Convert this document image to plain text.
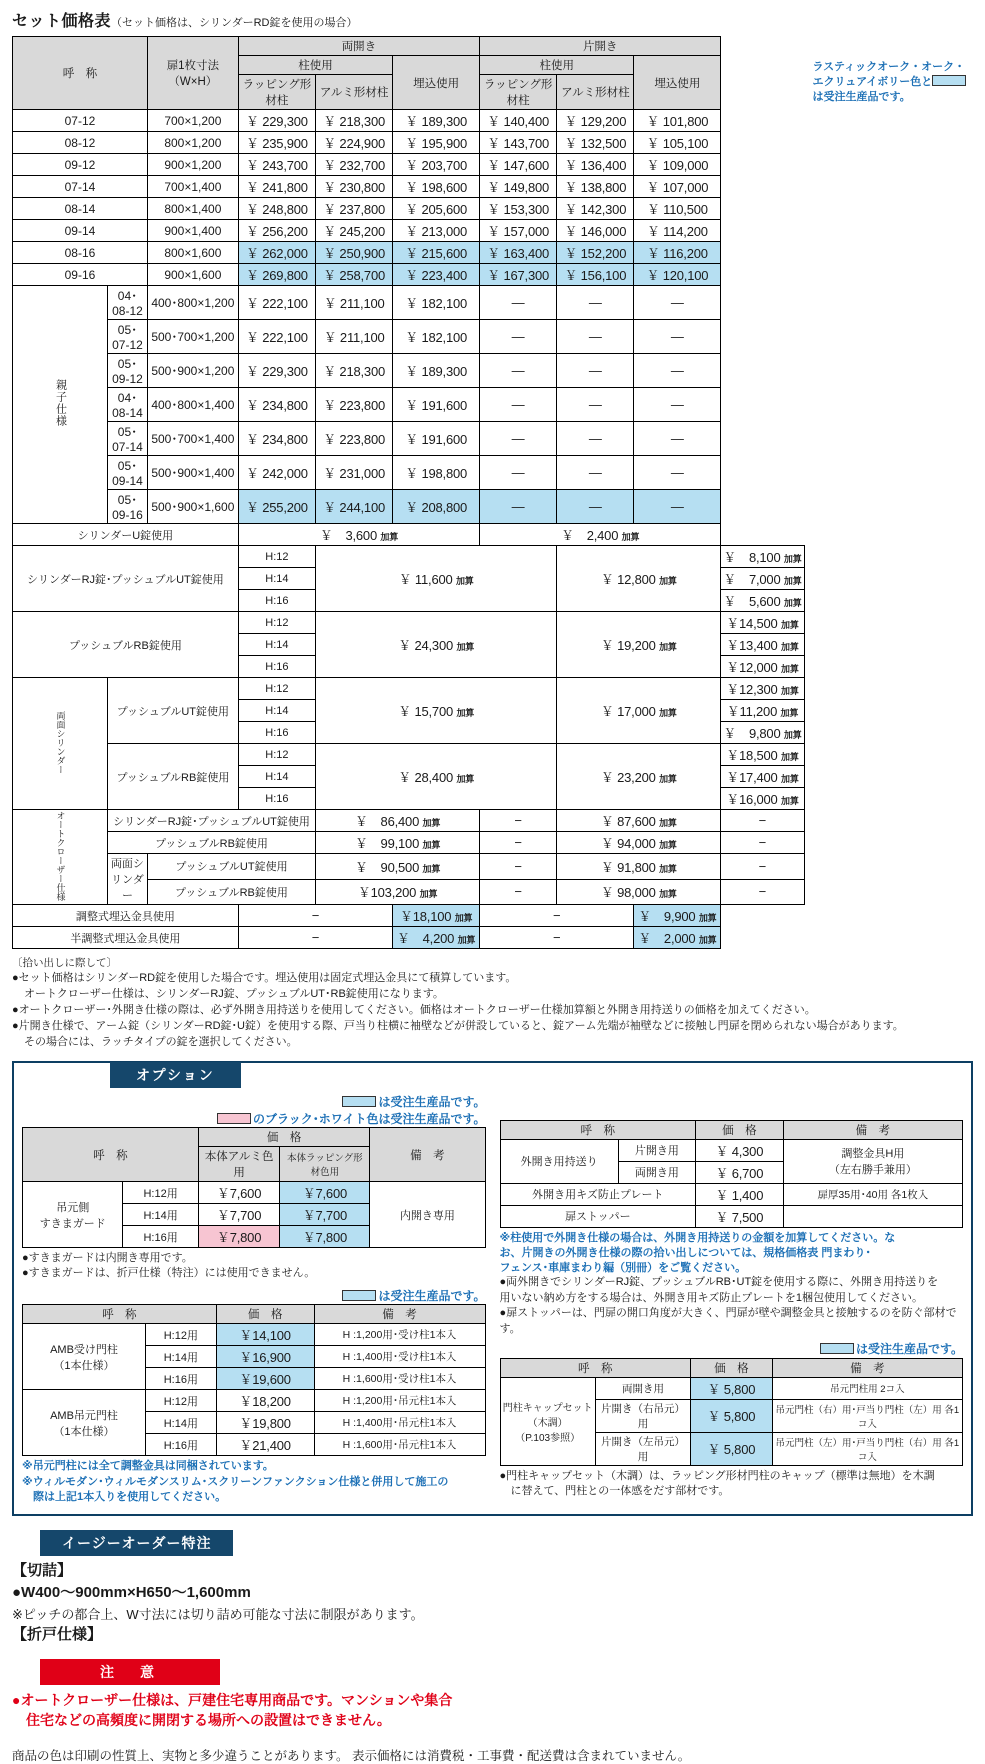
セット価格表（セット価格は、シリンダーRD錠を使用の場合）
呼　称		扉1枚寸法
（W×H）	両開き			片開き			
			柱使用		埋込使用	柱使用		埋込使用	
			ラッピング形材柱	アルミ形材柱		ラッピング形材柱	アルミ形材柱		
07-12		700×1,200	￥ 229,300	￥ 218,300	￥ 189,300	￥ 140,400	￥ 129,200	￥ 101,800	
08-12		800×1,200	￥ 235,900	￥ 224,900	￥ 195,900	￥ 143,700	￥ 132,500	￥ 105,100	
09-12		900×1,200	￥ 243,700	￥ 232,700	￥ 203,700	￥ 147,600	￥ 136,400	￥ 109,000	
07-14		700×1,400	￥ 241,800	￥ 230,800	￥ 198,600	￥ 149,800	￥ 138,800	￥ 107,000	
08-14		800×1,400	￥ 248,800	￥ 237,800	￥ 205,600	￥ 153,300	￥ 142,300	￥ 110,500	
09-14		900×1,400	￥ 256,200	￥ 245,200	￥ 213,000	￥ 157,000	￥ 146,000	￥ 114,200	
08-16		800×1,600	￥ 262,000	￥ 250,900	￥ 215,600	￥ 163,400	￥ 152,200	￥ 116,200	
09-16		900×1,600	￥ 269,800	￥ 258,700	￥ 223,400	￥ 167,300	￥ 156,100	￥ 120,100	
親子仕様	04･08-12	400･800×1,200	￥ 222,100	￥ 211,100	￥ 182,100	—	—	—	
	05･07-12	500･700×1,200	￥ 222,100	￥ 211,100	￥ 182,100	—	—	—	
	05･09-12	500･900×1,200	￥ 229,300	￥ 218,300	￥ 189,300	—	—	—	
	04･08-14	400･800×1,400	￥ 234,800	￥ 223,800	￥ 191,600	—	—	—	
	05･07-14	500･700×1,400	￥ 234,800	￥ 223,800	￥ 191,600	—	—	—	
	05･09-14	500･900×1,400	￥ 242,000	￥ 231,000	￥ 198,800	—	—	—	
	05･09-16	500･900×1,600	￥ 255,200	￥ 244,100	￥ 208,800	—	—	—	
シリンダーU錠使用			￥　3,600 加算			￥　2,400 加算			
シリンダーRJ錠･プッシュブルUT錠使用			H:12	￥ 11,600 加算			￥ 12,800 加算		￥　8,100 加算
			H:14						￥　7,000 加算
			H:16						￥　5,600 加算
プッシュブルRB錠使用			H:12	￥ 24,300 加算			￥ 19,200 加算		￥14,500 加算
			H:14						￥13,400 加算
			H:16						￥12,000 加算
両面シリンダー	プッシュブルUT錠使用		H:12	￥ 15,700 加算			￥ 17,000 加算		￥12,300 加算
			H:14						￥11,200 加算
			H:16						￥　9,800 加算
	プッシュブルRB錠使用		H:12	￥ 28,400 加算			￥ 23,200 加算		￥18,500 加算
			H:14						￥17,400 加算
			H:16						￥16,000 加算
オートクローザー仕様	シリンダーRJ錠･プッシュブルUT錠使用			￥　86,400 加算		−	￥ 87,600 加算		−
	プッシュブルRB錠使用			￥　99,100 加算		−	￥ 94,000 加算		−
	両面シリンダー	プッシュブルUT錠使用		￥　90,500 加算		−	￥ 91,800 加算		−
		プッシュブルRB錠使用		￥103,200 加算		−	￥ 98,000 加算		−
調整式埋込金具使用			−		￥18,100 加算	−		￥　9,900 加算	
半調整式埋込金具使用			−		￥　4,200 加算	−		￥　2,000 加算	
ラスティックオーク・オーク・エクリュアイボリー色とは受注生産品です。

〔拾い出しに際して〕

●セット価格はシリンダーRD錠を使用した場合です。埋込使用は固定式埋込金具にて積算しています。

オートクローザー仕様は、シリンダーRJ錠、プッシュブルUT･RB錠使用になります。

●オートクローザー･外開き仕様の際は、必ず外開き用持送りを使用してください。価格はオートクローザー仕様加算額と外開き用持送りの価格を加えてください。

●片開き仕様で、アーム錠（シリンダーRD錠･U錠）を使用する際、戸当り柱横に袖壁などが併設していると、錠アーム先端が袖壁などに接触し門扉を閉められない場合があります。

その場合には、ラッチタイプの錠を選択してください。

オプション
は受注生産品です。
のブラック･ホワイト色は受注生産品です。
呼　称		価　格		備　考
		本体アルミ色用	本体ラッピング形材色用	
吊元側
すきまガード	H:12用	￥7,600	￥7,600	内開き専用
	H:14用	￥7,700	￥7,700	
	H:16用	￥7,800	￥7,800	

●すきまガードは内開き専用です。

●すきまガードは、折戸仕様（特注）には使用できません。

は受注生産品です。
呼　称		価　格	備　考
AMB受け門柱
（1本仕様）	H:12用	￥14,100	H :1,200用･受け柱1本入
	H:14用	￥16,900	H :1,400用･受け柱1本入
	H:16用	￥19,600	H :1,600用･受け柱1本入
AMB吊元門柱
（1本仕様）	H:12用	￥18,200	H :1,200用･吊元柱1本入
	H:14用	￥19,800	H :1,400用･吊元柱1本入
	H:16用	￥21,400	H :1,600用･吊元柱1本入

※吊元門柱には全て調整金具は同梱されています。

※ウィルモダン･ウィルモダンスリム･スクリーンファンクション仕様と併用して施工の

　際は上記1本入りを使用してください。

呼　称		価　格	備　考
外開き用持送り	片開き用	￥ 4,300	調整金具H用
（左右勝手兼用）
	両開き用	￥ 6,700	
外開き用キズ防止プレート		￥ 1,400	扉厚35用･40用 各1枚入
扉ストッパー		￥ 7,500	

※柱使用で外開き仕様の場合は、外開き用持送りの金額を加算してください。な

お、片開きの外開き仕様の際の拾い出しについては、規格価格表 門まわり･

フェンス･車庫まわり編（別冊）をご覧ください。

●両外開きでシリンダーRJ錠、プッシュブルRB･UT錠を使用する際に、外開き用持送りを

用いない納め方をする場合は、外開き用キズ防止プレートを1梱包使用してください。

●扉ストッパーは、門扉の開口角度が大きく、門扉が壁や調整金具と接触するのを防ぐ部材です。

は受注生産品です。
呼　称		価　格	備　考
門柱キャップセット
（木調）
（P.103参照）	両開き用	￥ 5,800	吊元門柱用 2コ入
	片開き（右吊元）用	￥ 5,800	吊元門柱（右）用･戸当り門柱（左）用 各1コ入
	片開き（左吊元）用	￥ 5,800	吊元門柱（左）用･戸当り門柱（右）用 各1コ入

●門柱キャップセット（木調）は、ラッピング形材門柱のキャップ（標準は無地）を木調

　に替えて、門柱との一体感をだす部材です。

イージーオーダー特注
【切詰】
●W400〜900mm×H650〜1,600mm
※ピッチの都合上、W寸法には切り詰め可能な寸法に制限があります。
【折戸仕様】
注　意
●オートクローザー仕様は、戸建住宅専用商品です。マンションや集合
住宅などの高頻度に開閉する場所への設置はできません。
商品の色は印刷の性質上、実物と多少違うことがあります。 表示価格には消費税・工事費・配送費は含まれていません。
